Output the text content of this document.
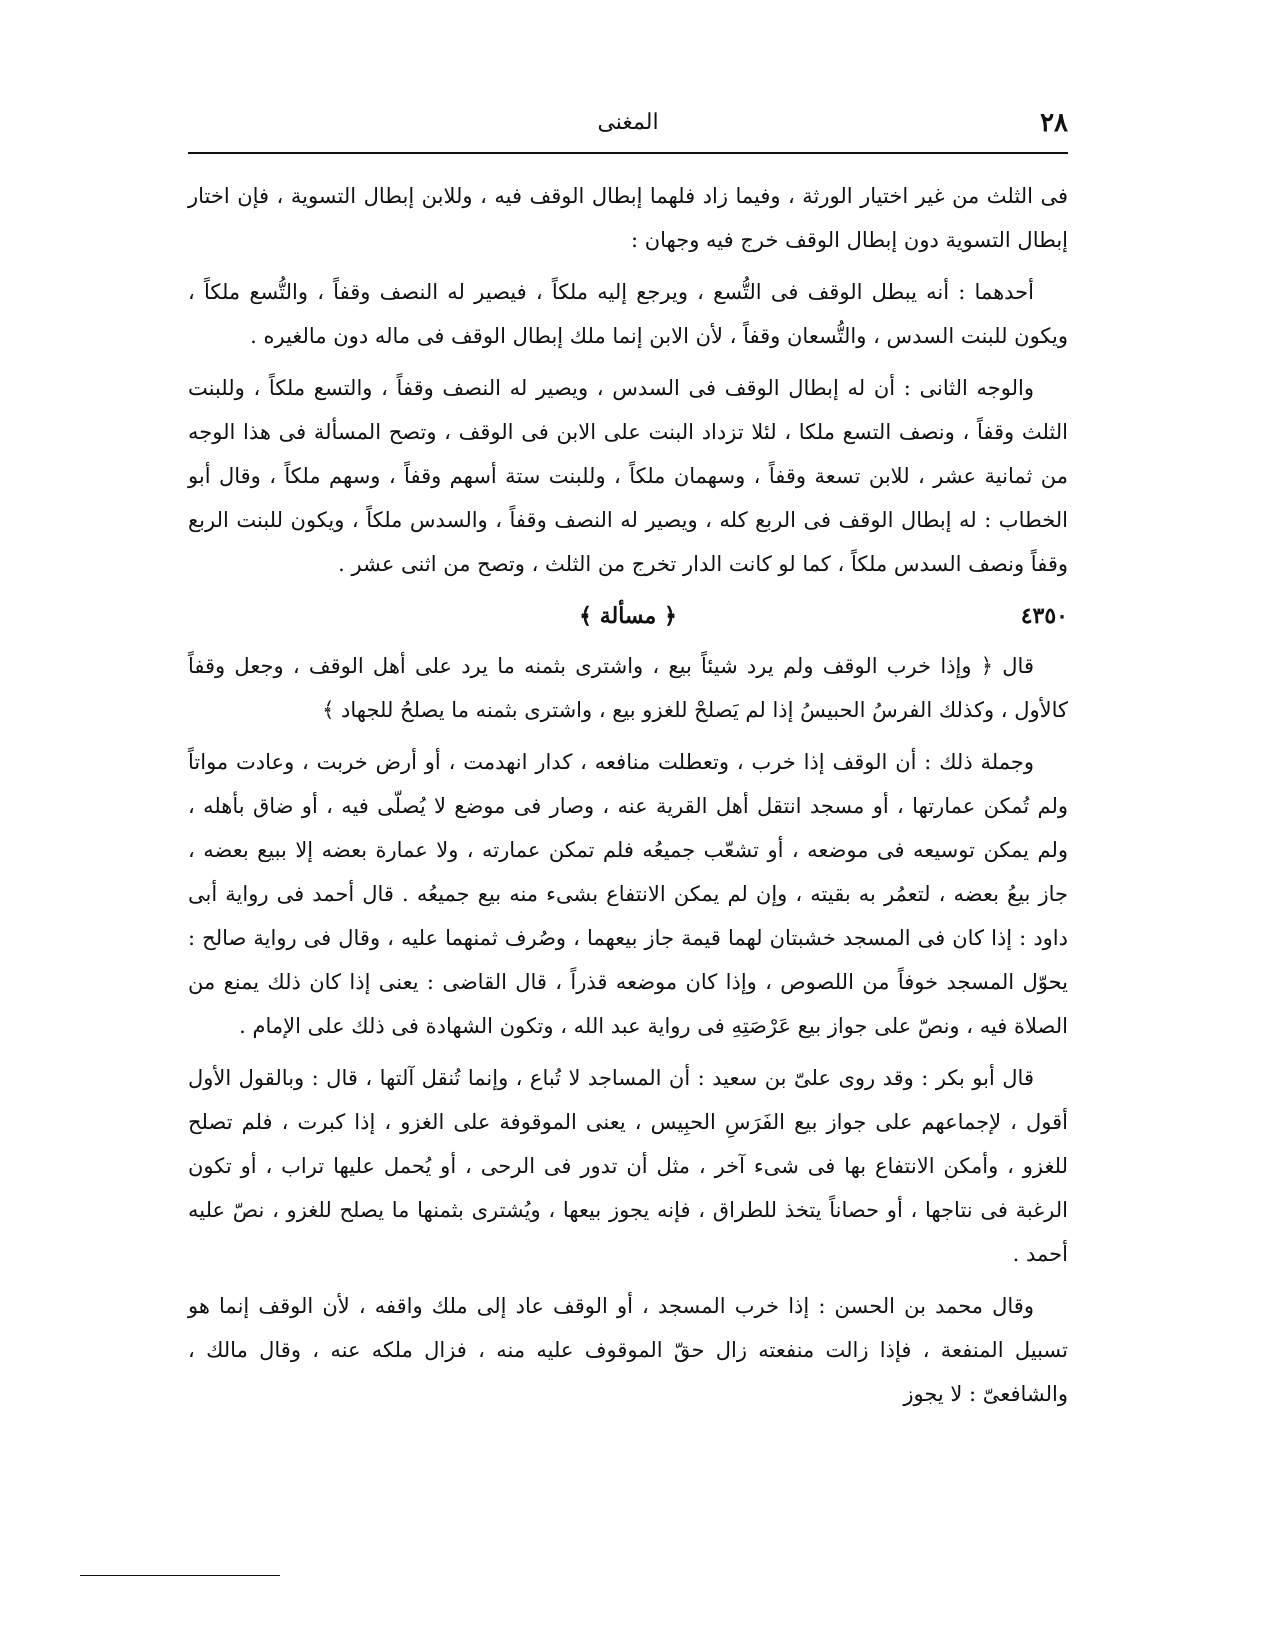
٢٨
المغنى

فى الثلث من غير اختيار الورثة ، وفيما زاد فلهما إبطال الوقف فيه ، وللابن إبطال التسوية ، فإن اختار إبطال التسوية دون إبطال الوقف خرج فيه وجهان :

أحدهما : أنه يبطل الوقف فى التُّسع ، ويرجع إليه ملكاً ، فيصير له النصف وقفاً ، والتُّسع ملكاً ، ويكون للبنت السدس ، والتُّسعان وقفاً ، لأن الابن إنما ملك إبطال الوقف فى ماله دون مالغيره .

والوجه الثانى : أن له إبطال الوقف فى السدس ، ويصير له النصف وقفاً ، والتسع ملكاً ، وللبنت الثلث وقفاً ، ونصف التسع ملكا ، لئلا تزداد البنت على الابن فى الوقف ، وتصح المسألة فى هذا الوجه من ثمانية عشر ، للابن تسعة وقفاً ، وسهمان ملكاً ، وللبنت ستة أسهم وقفاً ، وسهم ملكاً ، وقال أبو الخطاب : له إبطال الوقف فى الربع كله ، ويصير له النصف وقفاً ، والسدس ملكاً ، ويكون للبنت الربع وقفاً ونصف السدس ملكاً ، كما لو كانت الدار تخرج من الثلث ، وتصح من اثنى عشر .

٤٣٥٠
﴿ مسألة ﴾

قال ﴿ وإذا خرب الوقف ولم يرد شيئاً بيع ، واشترى بثمنه ما يرد على أهل الوقف ، وجعل وقفاً كالأول ، وكذلك الفرسُ الحبيسُ إذا لم يَصلحْ للغزو بيع ، واشترى بثمنه ما يصلحُ للجهاد ﴾

وجملة ذلك : أن الوقف إذا خرب ، وتعطلت منافعه ، كدار انهدمت ، أو أرض خربت ، وعادت مواتاً ولم تُمكن عمارتها ، أو مسجد انتقل أهل القرية عنه ، وصار فى موضع لا يُصلّى فيه ، أو ضاق بأهله ، ولم يمكن توسيعه فى موضعه ، أو تشعّب جميعُه فلم تمكن عمارته ، ولا عمارة بعضه إلا ببيع بعضه ، جاز بيعُ بعضه ، لتعمُر به بقيته ، وإن لم يمكن الانتفاع بشىء منه بيع جميعُه . قال أحمد فى رواية أبى داود : إذا كان فى المسجد خشبتان لهما قيمة جاز بيعهما ، وصُرف ثمنهما عليه ، وقال فى رواية صالح : يحوّل المسجد خوفاً من اللصوص ، وإذا كان موضعه قذراً ، قال القاضى : يعنى إذا كان ذلك يمنع من الصلاة فيه ، ونصّ على جواز بيع عَرْصَتِهِ فى رواية عبد الله ، وتكون الشهادة فى ذلك على الإمام .

قال أبو بكر : وقد روى علىّ بن سعيد : أن المساجد لا تُباع ، وإنما تُنقل آلتها ، قال : وبالقول الأول أقول ، لإجماعهم على جواز بيع الفَرَسِ الحبِيس ، يعنى الموقوفة على الغزو ، إذا كبرت ، فلم تصلح للغزو ، وأمكن الانتفاع بها فى شىء آخر ، مثل أن تدور فى الرحى ، أو يُحمل عليها تراب ، أو تكون الرغبة فى نتاجها ، أو حصاناً يتخذ للطراق ، فإنه يجوز بيعها ، ويُشترى بثمنها ما يصلح للغزو ، نصّ عليه أحمد .

وقال محمد بن الحسن : إذا خرب المسجد ، أو الوقف عاد إلى ملك واقفه ، لأن الوقف إنما هو تسبيل المنفعة ، فإذا زالت منفعته زال حقّ الموقوف عليه منه ، فزال ملكه عنه ، وقال مالك ، والشافعىّ : لا يجوز
